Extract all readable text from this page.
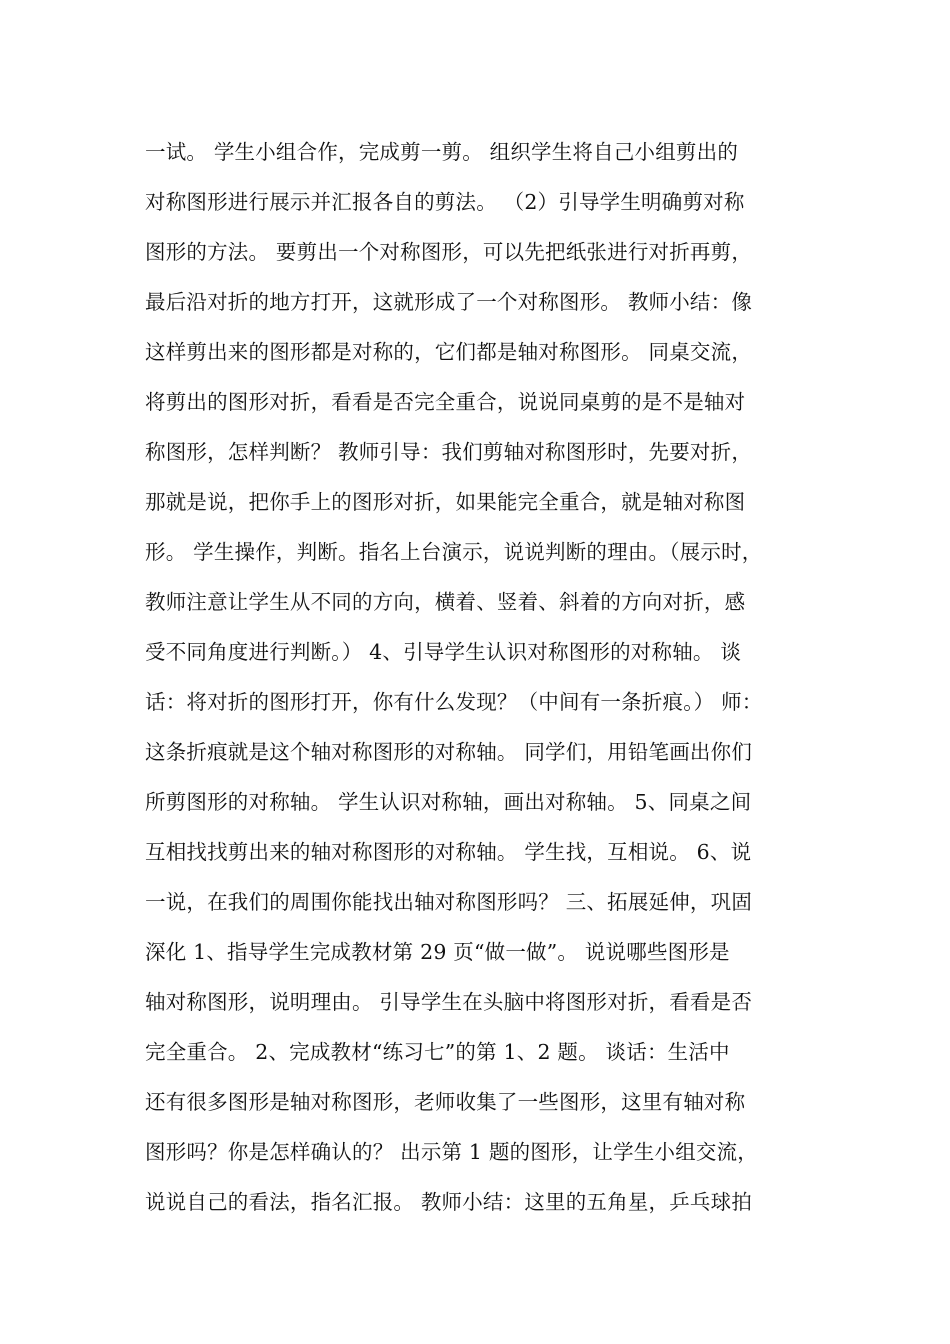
一试。 学生小组合作，完成剪一剪。 组织学生将自己小组剪出的
对称图形进行展示并汇报各自的剪法。 （2）引导学生明确剪对称
图形的方法。 要剪出一个对称图形，可以先把纸张进行对折再剪，
最后沿对折的地方打开，这就形成了一个对称图形。 教师小结：像
这样剪出来的图形都是对称的，它们都是轴对称图形。 同桌交流，
将剪出的图形对折，看看是否完全重合，说说同桌剪的是不是轴对
称图形，怎样判断？ 教师引导：我们剪轴对称图形时，先要对折，
那就是说，把你手上的图形对折，如果能完全重合，就是轴对称图
形。 学生操作，判断。指名上台演示，说说判断的理由。（展示时，
教师注意让学生从不同的方向，横着、竖着、斜着的方向对折，感
受不同角度进行判断。） 4、引导学生认识对称图形的对称轴。 谈
话：将对折的图形打开，你有什么发现？（中间有一条折痕。） 师：
这条折痕就是这个轴对称图形的对称轴。 同学们，用铅笔画出你们
所剪图形的对称轴。 学生认识对称轴，画出对称轴。 5、同桌之间
互相找找剪出来的轴对称图形的对称轴。 学生找，互相说。 6、说
一说，在我们的周围你能找出轴对称图形吗？ 三、拓展延伸，巩固
深化 1、指导学生完成教材第 29 页“做一做”。 说说哪些图形是
轴对称图形，说明理由。 引导学生在头脑中将图形对折，看看是否
完全重合。 2、完成教材“练习七”的第 1、2 题。 谈话：生活中
还有很多图形是轴对称图形，老师收集了一些图形，这里有轴对称
图形吗？你是怎样确认的？ 出示第 1 题的图形，让学生小组交流，
说说自己的看法，指名汇报。 教师小结：这里的五角星，乒乓球拍
